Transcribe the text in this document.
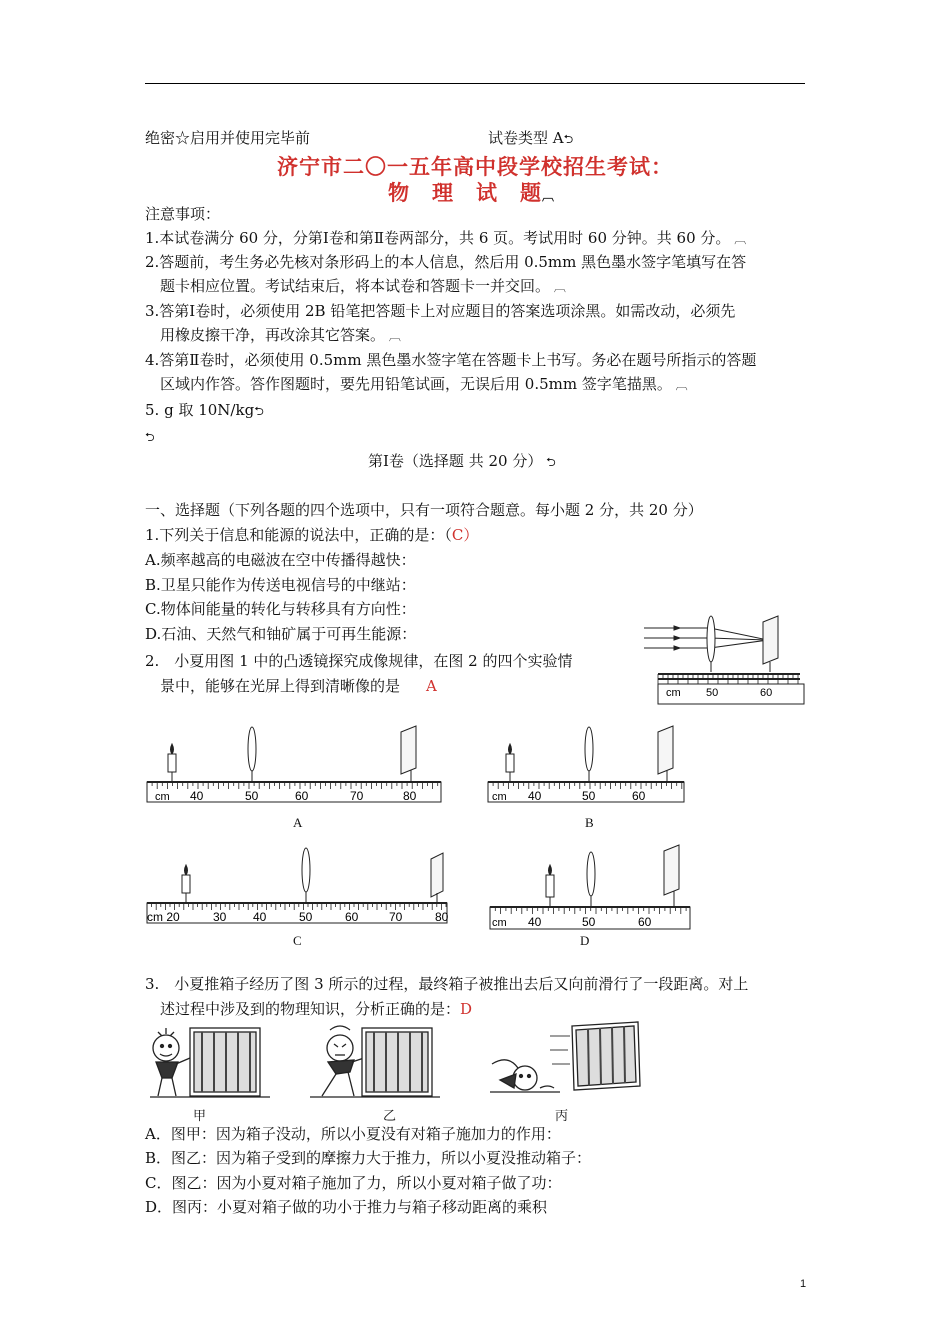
绝密☆启用并使用完毕前	试卷类型 A⮌
济宁市二〇一五年高中段学校招生考试：
物　理　试　题︹
注意事项：
1.本试卷满分 60 分，分第Ⅰ卷和第Ⅱ卷两部分，共 6 页。考试用时 60 分钟。共 60 分。 ︹
2.答题前，考生务必先核对条形码上的本人信息，然后用 0.5mm 黑色墨水签字笔填写在答
　题卡相应位置。考试结束后，将本试卷和答题卡一并交回。 ︹
3.答第Ⅰ卷时，必须使用 2B 铅笔把答题卡上对应题目的答案选项涂黑。如需改动，必须先
　用橡皮擦干净，再改涂其它答案。 ︹
4.答第Ⅱ卷时，必须使用 0.5mm 黑色墨水签字笔在答题卡上书写。务必在题号所指示的答题
　区域内作答。答作图题时，要先用铅笔试画，无误后用 0.5mm 签字笔描黑。 ︹
5. g 取 10N/kg⮌
⮌
第Ⅰ卷（选择题 共 20 分） ⮌
一、选择题（下列各题的四个选项中，只有一项符合题意。每小题 2 分，共 20 分）
1.下列关于信息和能源的说法中，正确的是：（C）
A.频率越高的电磁波在空中传播得越快：
B.卫星只能作为传送电视信号的中继站：
C.物体间能量的转化与转移具有方向性：
D.石油、天然气和铀矿属于可再生能源：
2.　小夏用图 1 中的凸透镜探究成像规律，在图 2 的四个实验情
　景中，能够在光屏上得到清晰像的是 A	cm 50	60
cm 40	50	60	70	80
A
cm 40	50	60
B
cm 20	30 40	50	60	70	80
C
cm 40	50	60
D
3.　小夏推箱子经历了图 3 所示的过程，最终箱子被推出去后又向前滑行了一段距离。对上
　述过程中涉及到的物理知识，分析正确的是：D
甲	乙	丙
A．图甲：因为箱子没动，所以小夏没有对箱子施加力的作用：
B．图乙：因为箱子受到的摩擦力大于推力，所以小夏没推动箱子：
C．图乙：因为小夏对箱子施加了力，所以小夏对箱子做了功：
D．图丙：小夏对箱子做的功小于推力与箱子移动距离的乘积
1
